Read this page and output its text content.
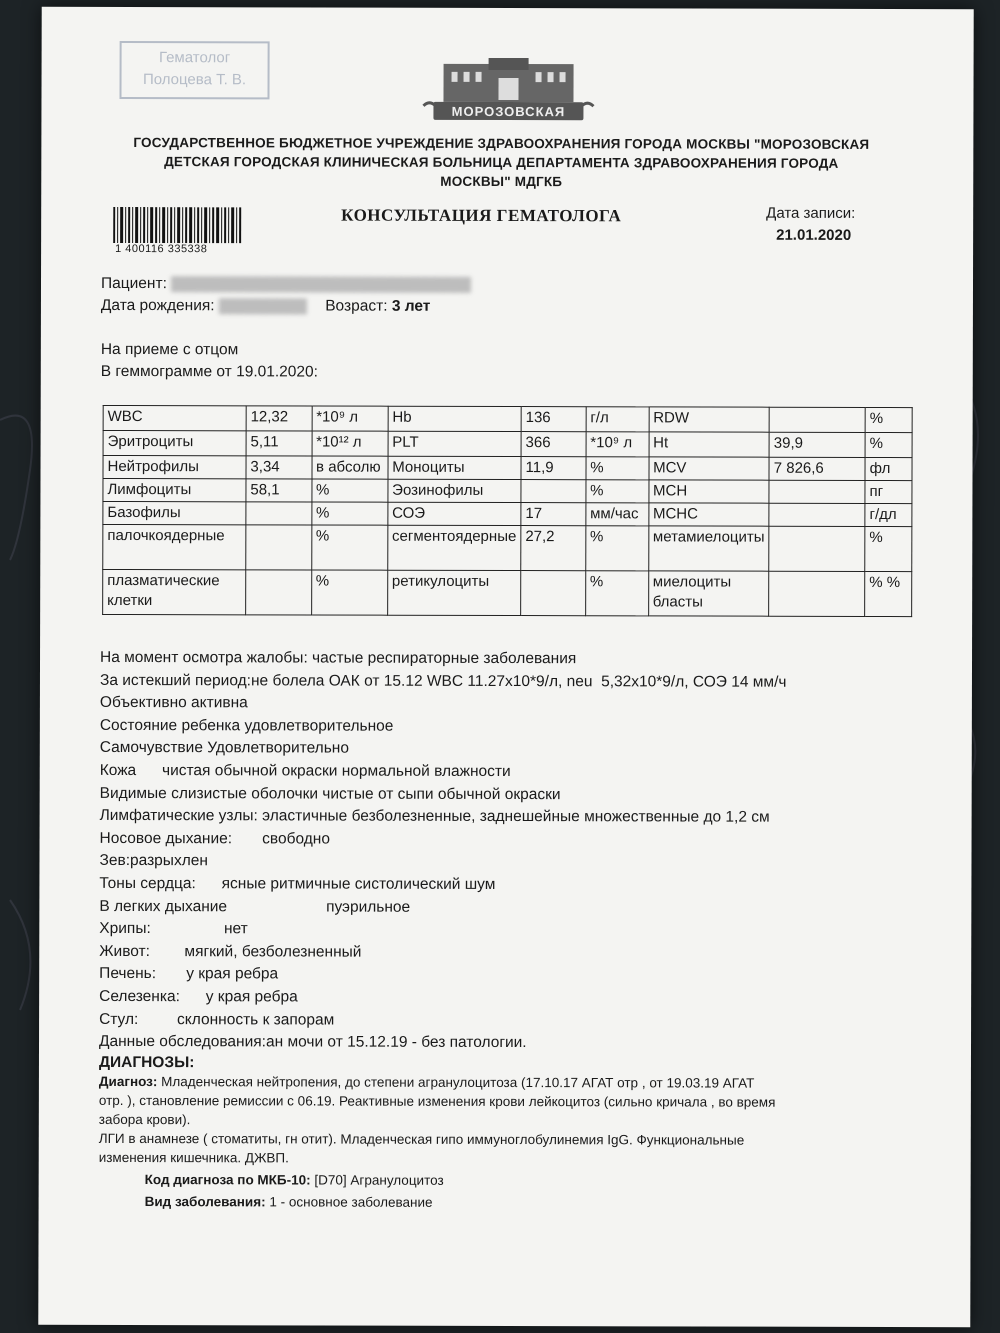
Гематолог
Полоцева Т. В.
МОРОЗОВСКАЯ
ГОСУДАРСТВЕННОЕ БЮДЖЕТНОЕ УЧРЕЖДЕНИЕ ЗДРАВООХРАНЕНИЯ ГОРОДА МОСКВЫ "МОРОЗОВСКАЯ
ДЕТСКАЯ ГОРОДСКАЯ КЛИНИЧЕСКАЯ БОЛЬНИЦА ДЕПАРТАМЕНТА ЗДРАВООХРАНЕНИЯ ГОРОДА
МОСКВЫ" МДГКБ
1 400116 335338
КОНСУЛЬТАЦИЯ ГЕМАТОЛОГА	Дата записи:
21.01.2020
Пациент:
Дата рождения:	Возраст: 3 лет
На приеме с отцом
В геммограмме от 19.01.2020:
WBC	12,32	*10⁹ л	Hb	136	г/л	RDW		%
Эритроциты	5,11	*10¹² л	PLT	366	*10⁹ л	Ht	39,9	%
Нейтрофилы	3,34	в абсолю	Моноциты	11,9	%	MCV	7 826,6	фл
Лимфоциты	58,1	%	Эозинофилы		%	MCH		пг
Базофилы		%	СОЭ	17	мм/час	MCHC		г/дл
палочкоядерные		%	сегментоядерные	27,2	%	метамиелоциты		%
плазматические клетки		%	ретикулоциты		%	миелоциты бласты		% %
На момент осмотра жалобы: частые респираторные заболевания
За истекший период:не болела ОАК от 15.12 WBC 11.27х10*9/л, neu  5,32х10*9/л, СОЭ 14 мм/ч
Объективно активна
Состояние ребенка удовлетворительное
Самочувствие Удовлетворительно
Кожа      чистая обычной окраски нормальной влажности
Видимые слизистые оболочки чистые от сыпи обычной окраски
Лимфатические узлы: эластичные безболезненные, заднешейные множественные до 1,2 см
Носовое дыхание:       свободно
Зев:разрыхлен
Тоны сердца:      ясные ритмичные систолический шум
В легких дыхание                       пуэрильное
Хрипы:                 нет
Живот:        мягкий, безболезненный
Печень:       у края ребра
Селезенка:      у края ребра
Стул:         склонность к запорам
Данные обследования:ан мочи от 15.12.19 - без патологии.
ДИАГНОЗЫ:
Диагноз: Младенческая нейтропения, до степени агранулоцитоза (17.10.17 АГАТ отр , от 19.03.19 АГАТ
отр. ), становление ремиссии с 06.19. Реактивные изменения крови лейкоцитоз (сильно кричала , во время
забора крови).
ЛГИ в анамнезе ( стоматиты, гн отит). Младенческая гипо иммуноглобулинемия IgG. Функциональные
изменения кишечника. ДЖВП.
Код диагноза по МКБ-10: [D70] Агранулоцитоз
Вид заболевания: 1 - основное заболевание
